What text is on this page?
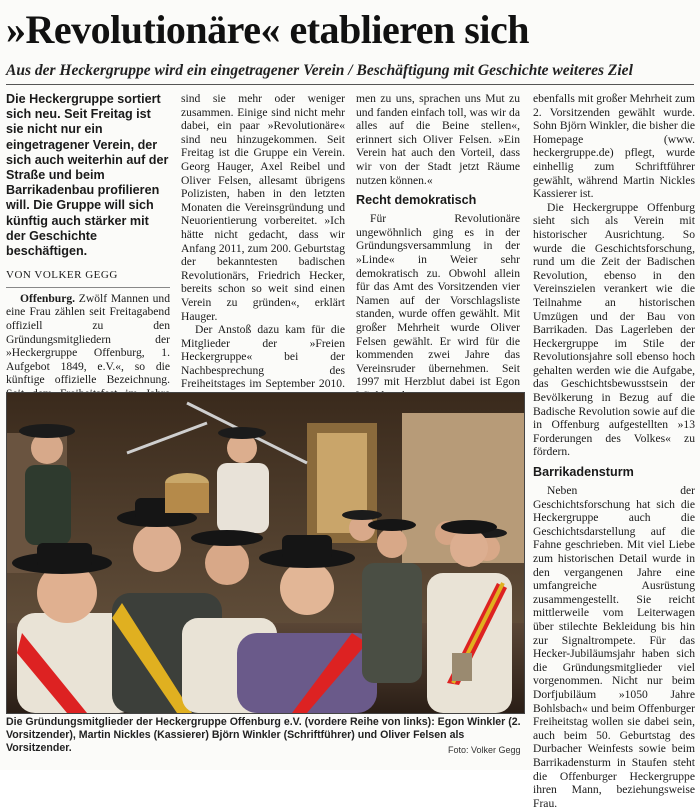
»Revolutionäre« etablieren sich
Aus der Heckergruppe wird ein eingetragener Verein / Beschäftigung mit Geschichte weiteres Ziel

Die Heckergruppe sortiert sich neu. Seit Freitag ist sie nicht nur ein eingetragener Verein, der sich auch weiterhin auf der Straße und beim Barrikadenbau profilieren will. Die Gruppe will sich künftig auch stärker mit der Geschichte beschäftigen.

VON VOLKER GEGG

Offenburg. Zwölf Mannen und eine Frau zählen seit Freitagabend offiziell zu den Gründungsmitgliedern der »Heckergruppe Offenburg, 1. Aufgebot 1849, e.V.«, so die künftige offizielle Bezeichnung.

sind sie mehr oder weniger zusammen. Einige sind nicht mehr dabei, ein paar »Revolutionäre« sind neu hinzugekommen. Seit Freitag ist die Gruppe ein Verein. Georg Hauger, Axel Reibel und Oliver Felsen, allesamt übrigens Polizisten, haben in den letzten Monaten die Vereinsgründung und Neuorientierung vorbereitet. »Ich hätte nicht gedacht, dass wir Anfang 2011, zum 200. Geburtstag der bekanntesten badischen Revolutionärs, Friedrich Hecker, bereits schon so weit sind einen Verein zu gründen«, erklärt Hauger.

Der Anstoß dazu kam für die Mitglieder der »Freien Heckergruppe« bei der Nachbesprechung des Freiheitstages im September 2010.

men zu uns, sprachen uns Mut zu und fanden einfach toll, was wir da alles auf die Beine stellen«, erinnert sich Oliver Felsen. »Ein Verein hat auch den Vorteil, dass wir von der Stadt jetzt Räume nutzen können.«

Recht demokratisch

Für Revolutionäre ungewöhnlich ging es in der Gründungsversammlung in der »Linde« in Weier sehr demokratisch zu. Obwohl allein für das Amt des Vorsitzenden vier Namen auf der Vorschlagsliste standen, wurde offen gewählt. Mit großer Mehrheit wurde Oliver Felsen gewählt. Er wird für die kommenden zwei Jahre das Vereinsruder übernehmen. Seit 1997 mit Herzblut dabei ist Egon

ebenfalls mit großer Mehrheit zum 2. Vorsitzenden gewählt wurde. Sohn Björn Winkler, die bisher die Homepage (www. heckergruppe.de) pflegt, wurde einhellig zum Schriftführer gewählt, während Martin Nickles Kassierer ist.

Die Heckergruppe Offenburg sieht sich als Verein mit historischer Ausrichtung. So wurde die Geschichtsforschung, rund um die Zeit der Badischen Revolution, ebenso in den Vereinszielen verankert wie die Teilnahme an historischen Umzügen und der Bau von Barrikaden. Das Lagerleben der Heckergruppe im Stile der Revolutionsjahre soll ebenso hoch gehalten werden wie die Aufgabe, das Geschichtsbewusstsein der Bevölkerung in Bezug auf die Badische Revolution sowie auf die in Offenburg aufgestellten »13 Forderungen des Volkes« zu fördern.

Barrikadensturm

Neben der Geschichtsforschung hat sich die Heckergruppe auch die Geschichtsdarstellung auf die Fahne geschrieben. Mit viel Liebe zum historischen Detail wurde in den vergangenen Jahre eine umfangreiche Ausrüstung zusammengestellt. Sie reicht mittlerweile vom Leiterwagen über stilechte Bekleidung bis hin zur Signaltrompete. Für das Hecker-Jubiläumsjahr haben sich die Gründungsmitglieder viel vorgenommen. Nicht nur beim Dorfjubiläum »1050 Jahre Bohlsbach« und beim Offenburger Freiheitstag wollen sie dabei sein, auch beim 50. Geburtstag des Durbacher Weinfests sowie beim Barrikadensturm in Staufen steht die Offenburger Heckergruppe ihren Mann, beziehungsweise Frau.

Die Gründungsmitglieder der Heckergruppe Offenburg e.V. (vordere Reihe von links): Egon Winkler (2. Vorsitzender), Martin Nickles (Kassierer) Björn Winkler (Schriftführer) und Oliver Felsen als Vorsitzender.	Foto: Volker Gegg
